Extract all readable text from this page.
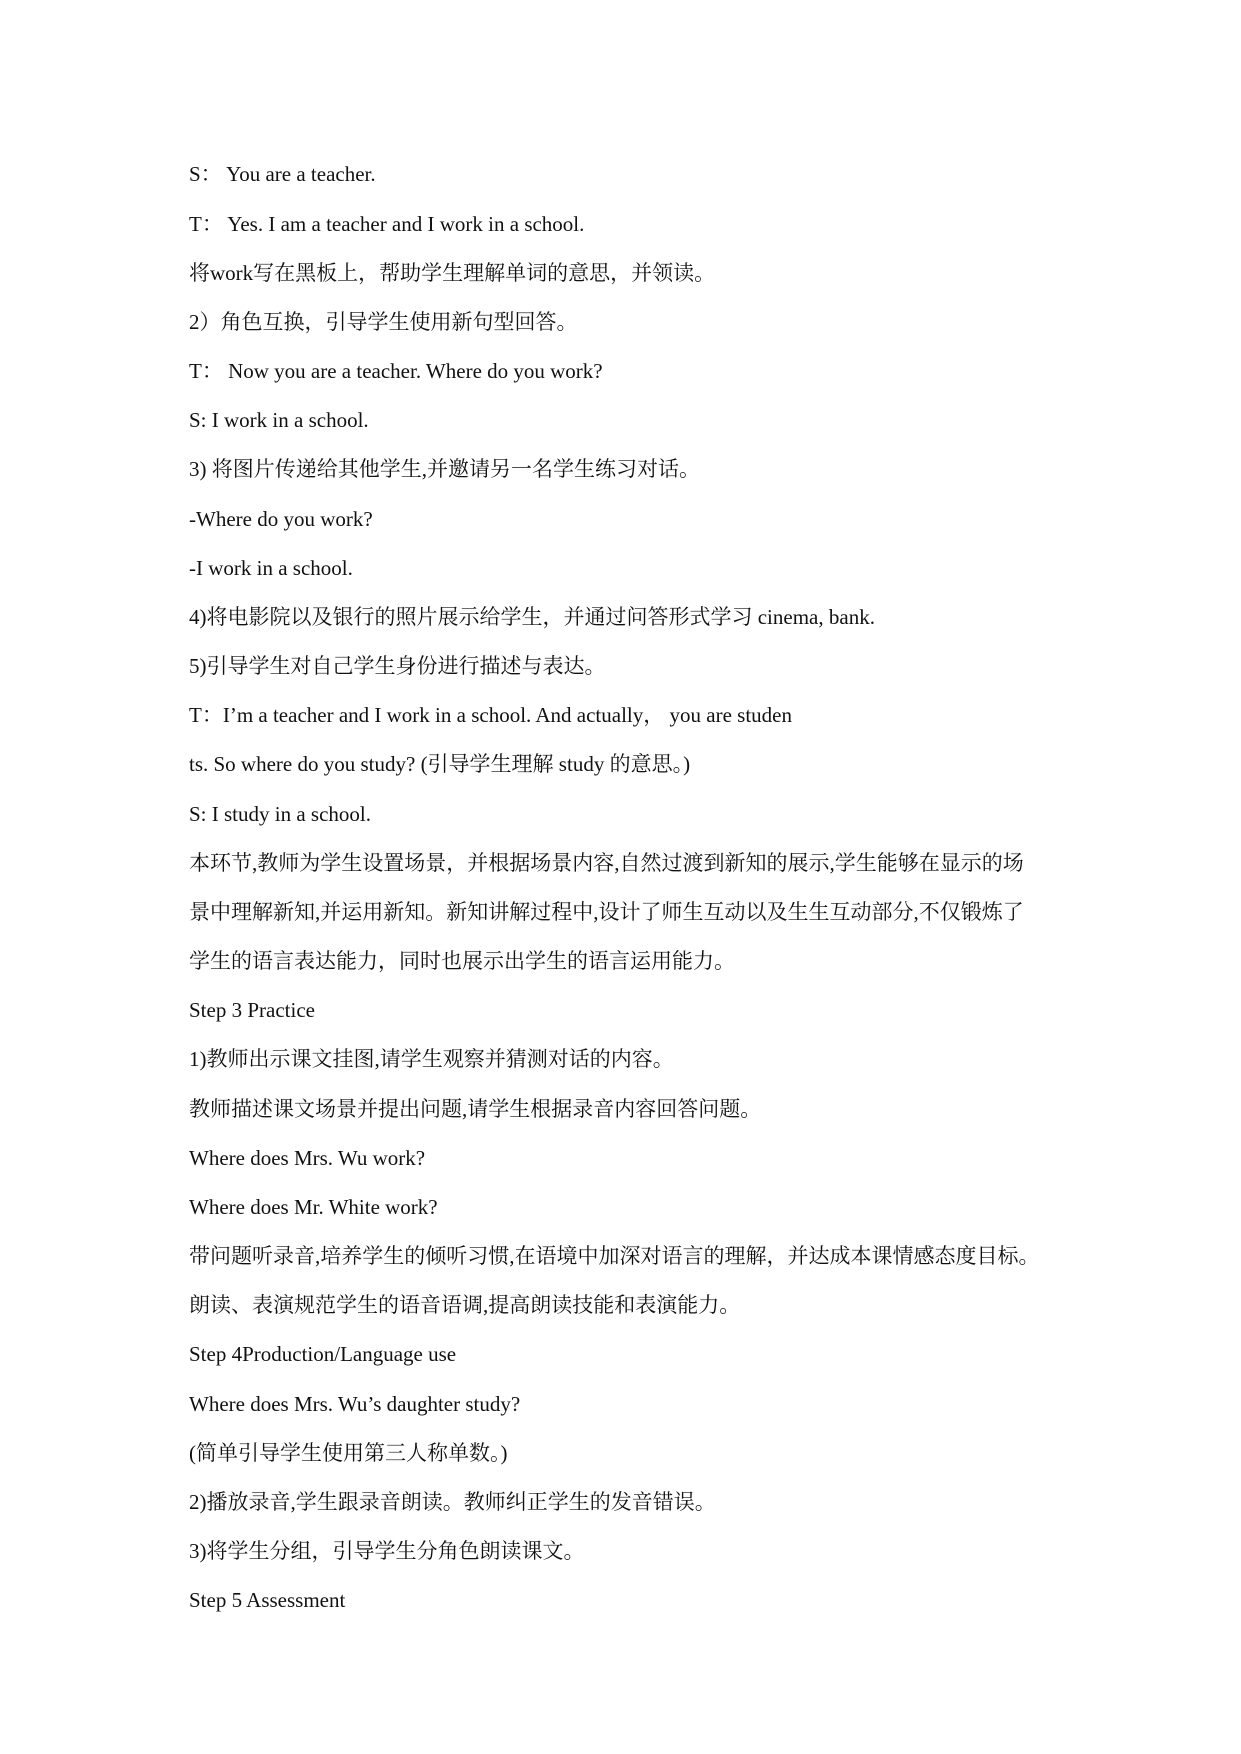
S： You are a teacher.
T： Yes. I am a teacher and I work in a school.
将work写在黑板上，帮助学生理解单词的意思，并领读。
2）角色互换，引导学生使用新句型回答。
T： Now you are a teacher. Where do you work?
S: I work in a school.
3) 将图片传递给其他学生,并邀请另一名学生练习对话。
-Where do you work?
-I work in a school.
4)将电影院以及银行的照片展示给学生，并通过问答形式学习 cinema, bank.
5)引导学生对自己学生身份进行描述与表达。
T：I’m a teacher and I work in a school. And actually， you are studen
ts. So where do you study? (引导学生理解 study 的意思。)
S: I study in a school.
本环节,教师为学生设置场景，并根据场景内容,自然过渡到新知的展示,学生能够在显示的场
景中理解新知,并运用新知。新知讲解过程中,设计了师生互动以及生生互动部分,不仅锻炼了
学生的语言表达能力，同时也展示出学生的语言运用能力。
Step 3 Practice
1)教师出示课文挂图,请学生观察并猜测对话的内容。
教师描述课文场景并提出问题,请学生根据录音内容回答问题。
Where does Mrs. Wu work?
Where does Mr. White work?
带问题听录音,培养学生的倾听习惯,在语境中加深对语言的理解，并达成本课情感态度目标。
朗读、表演规范学生的语音语调,提高朗读技能和表演能力。
Step 4Production/Language use
Where does Mrs. Wu’s daughter study?
(简单引导学生使用第三人称单数。)
2)播放录音,学生跟录音朗读。教师纠正学生的发音错误。
3)将学生分组，引导学生分角色朗读课文。
Step 5 Assessment
